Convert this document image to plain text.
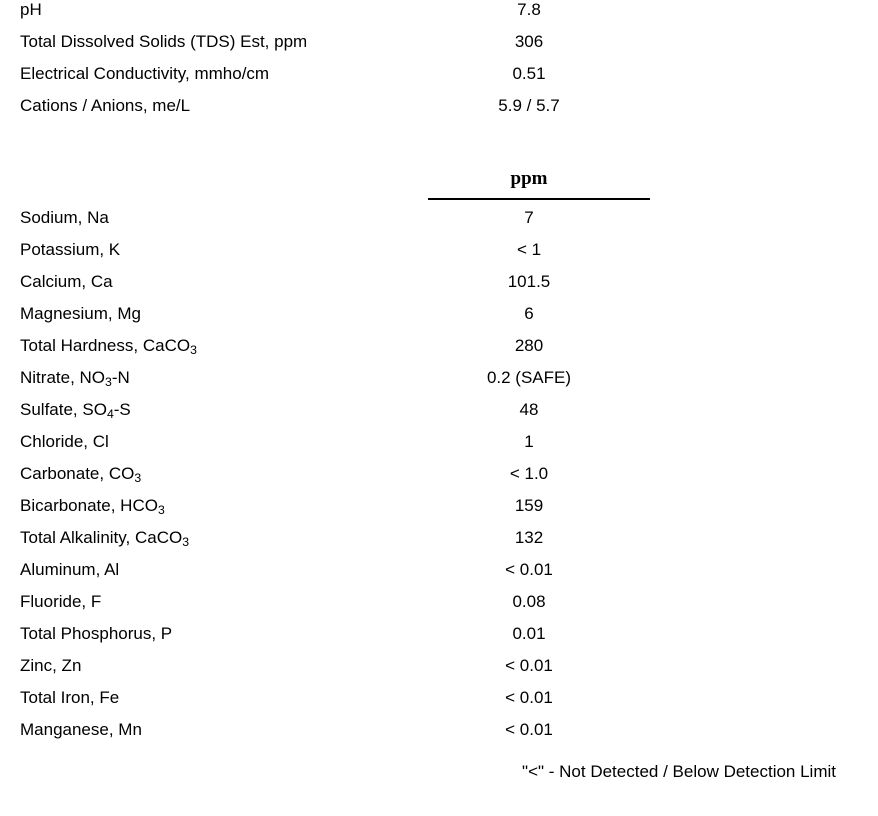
pH	7.8
Total Dissolved Solids (TDS) Est, ppm	306
Electrical Conductivity, mmho/cm	0.51
Cations / Anions, me/L	5.9 / 5.7
ppm
Sodium, Na	7
Potassium, K	< 1
Calcium, Ca	101.5
Magnesium, Mg	6
Total Hardness, CaCO$_3$	280
Nitrate, $NO_3-N$	0.2 (SAFE)
Sulfate, $SO_4-S$	48
Chloride, Cl	1
Carbonate, $CO_3$	< 1.0
Bicarbonate, $HCO_3$	159
Total Alkalinity, CaCO$_3$	132
Aluminum, Al	< 0.01
Fluoride, F	0.08
Total Phosphorus, P	0.01
Zinc, Zn	< 0.01
Total Iron, Fe	< 0.01
Manganese, Mn	< 0.01
"<" - Not Detected / Below Detection Limit
